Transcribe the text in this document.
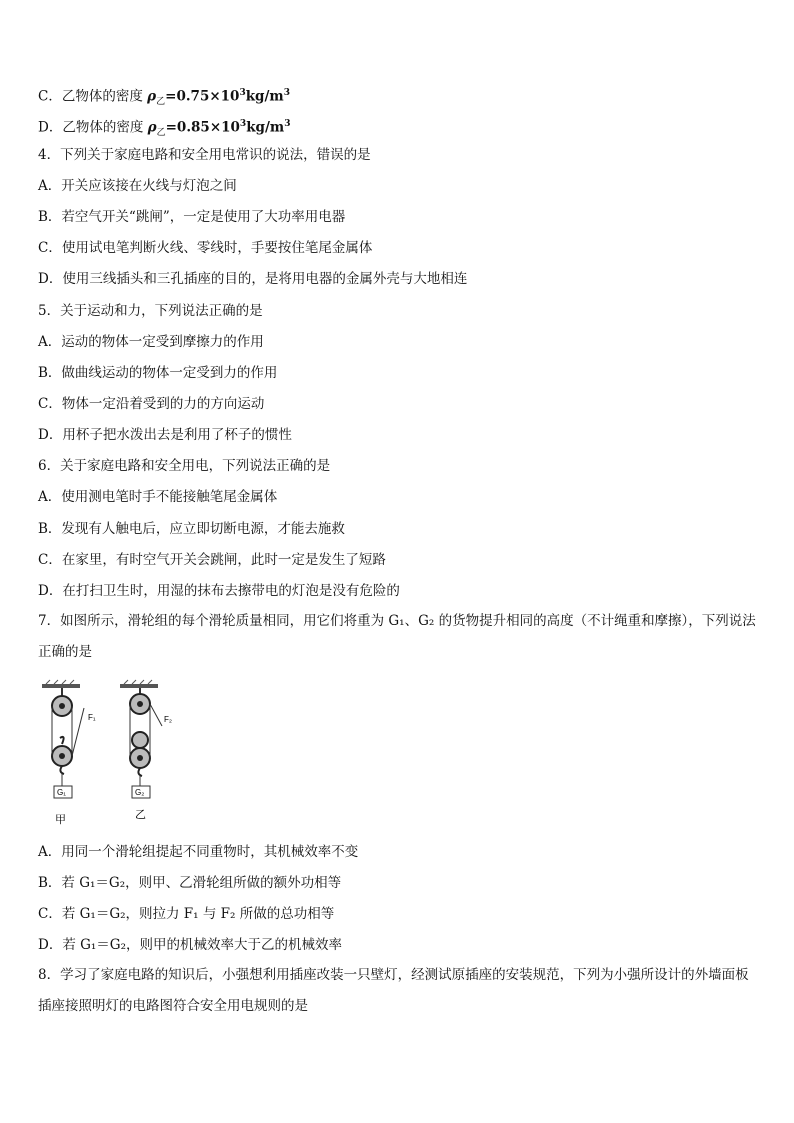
C．乙物体的密度 $\rho_乙=0.75\times 10^3kg/m^3$
D．乙物体的密度 $\rho_乙=0.85\times 10^3kg/m^3$
4．下列关于家庭电路和安全用电常识的说法，错误的是
A．开关应该接在火线与灯泡之间
B．若空气开关“跳闸”，一定是使用了大功率用电器
C．使用试电笔判断火线、零线时，手要按住笔尾金属体
D．使用三线插头和三孔插座的目的，是将用电器的金属外壳与大地相连
5．关于运动和力，下列说法正确的是
A．运动的物体一定受到摩擦力的作用
B．做曲线运动的物体一定受到力的作用
C．物体一定沿着受到的力的方向运动
D．用杯子把水泼出去是利用了杯子的惯性
6．关于家庭电路和安全用电，下列说法正确的是
A．使用测电笔时手不能接触笔尾金属体
B．发现有人触电后，应立即切断电源，才能去施救
C．在家里，有时空气开关会跳闸，此时一定是发生了短路
D．在打扫卫生时，用湿的抹布去擦带电的灯泡是没有危险的
7．如图所示，滑轮组的每个滑轮质量相同，用它们将重为 G₁、G₂ 的货物提升相同的高度（不计绳重和摩擦），下列说法正确的是
F₁
G₁
甲
F₂
G₂
乙
A．用同一个滑轮组提起不同重物时，其机械效率不变
B．若 G₁＝G₂，则甲、乙滑轮组所做的额外功相等
C．若 G₁＝G₂，则拉力 F₁ 与 F₂ 所做的总功相等
D．若 G₁＝G₂，则甲的机械效率大于乙的机械效率
8．学习了家庭电路的知识后，小强想利用插座改装一只壁灯，经测试原插座的安装规范，下列为小强所设计的外墙面板插座接照明灯的电路图符合安全用电规则的是
